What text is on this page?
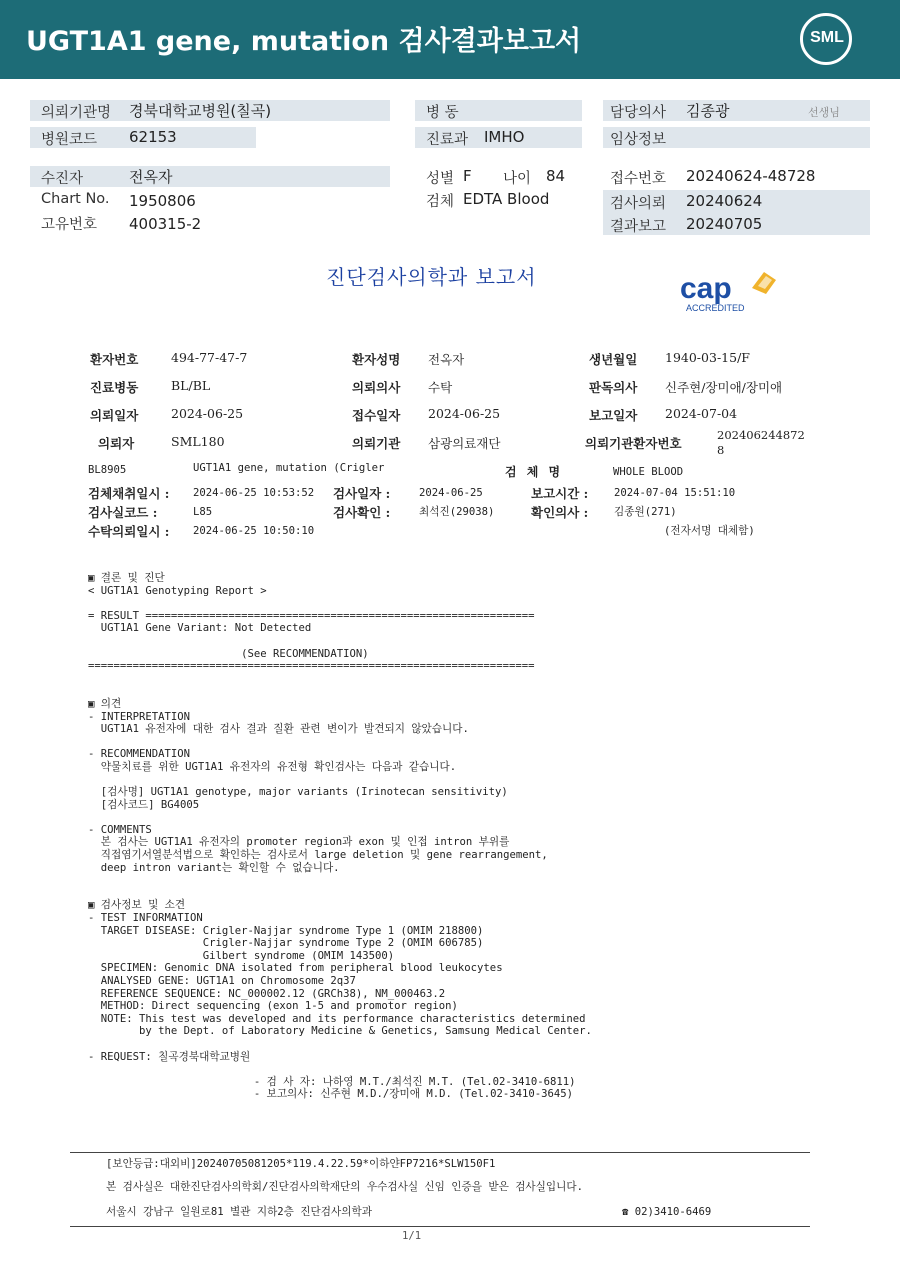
UGT1A1 gene, mutation 검사결과보고서	SML
의뢰기관명 경북대학교병원(칠곡)
병원코드 62153
병 동
진료과 IMHO
담당의사 김종광	선생님
임상정보
수진자	전옥자
Chart No. 1950806
고유번호 400315-2
성별 F 나이 84
검체 EDTA Blood
접수번호 20240624-48728
검사의뢰 20240624
결과보고 20240705
진단검사의학과 보고서	cap
ACCREDITED
환자번호	494-77-47-7	환자성명 전옥자	생년월일 1940-03-15/F
진료병동	BL/BL	의뢰의사 수탁	판독의사 신주현/장미애/장미애
의뢰일자	2024-06-25	접수일자 2024-06-25	보고일자 2024-07-04
의뢰자	SML180	의뢰기관 삼광의료재단	의뢰기관환자번호
202406244872
8
BL8905	UGT1A1 gene, mutation (Crigler	검 체 명	WHOLE BLOOD
검체채취일시 : 2024-06-25 10:53:52 검사일자 :	2024-06-25	보고시간 : 2024-07-04 15:51:10
검사실코드 :	L85	검사확인 :	최석진(29038)	확인의사 : 김종원(271)
수탁의뢰일시 : 2024-06-25 10:50:10	(전자서명 대체함)
▣ 결론 및 진단
< UGT1A1 Genotyping Report >
= RESULT =============================================================
UGT1A1 Gene Variant: Not Detected
(See RECOMMENDATION)
======================================================================
▣ 의견
- INTERPRETATION
UGT1A1 유전자에 대한 검사 결과 질환 관련 변이가 발견되지 않았습니다.
- RECOMMENDATION
약물치료를 위한 UGT1A1 유전자의 유전형 확인검사는 다음과 같습니다.
[검사명] UGT1A1 genotype, major variants (Irinotecan sensitivity)
[검사코드] BG4005
- COMMENTS
본 검사는 UGT1A1 유전자의 promoter region과 exon 및 인접 intron 부위를
직접염기서열분석법으로 확인하는 검사로서 large deletion 및 gene rearrangement,
deep intron variant는 확인할 수 없습니다.
▣ 검사정보 및 소견
- TEST INFORMATION
TARGET DISEASE: Crigler-Najjar syndrome Type 1 (OMIM 218800)
Crigler-Najjar syndrome Type 2 (OMIM 606785)
Gilbert syndrome (OMIM 143500)
SPECIMEN: Genomic DNA isolated from peripheral blood leukocytes
ANALYSED GENE: UGT1A1 on Chromosome 2q37
REFERENCE SEQUENCE: NC_000002.12 (GRCh38), NM_000463.2
METHOD: Direct sequencing (exon 1-5 and promotor region)
NOTE: This test was developed and its performance characteristics determined
by the Dept. of Laboratory Medicine & Genetics, Samsung Medical Center.
- REQUEST: 칠곡경북대학교병원
- 검 사 자: 나하영 M.T./최석진 M.T. (Tel.02-3410-6811)
- 보고의사: 신주현 M.D./장미애 M.D. (Tel.02-3410-3645)
[보안등급:대외비]20240705081205*119.4.22.59*이하얀FP7216*SLW150F1
본 검사실은 대한진단검사의학회/진단검사의학재단의 우수검사실 신임 인증을 받은 검사실입니다.
서울시 강남구 일원로81 별관 지하2층 진단검사의학과	☎ 02)3410-6469
1/1
